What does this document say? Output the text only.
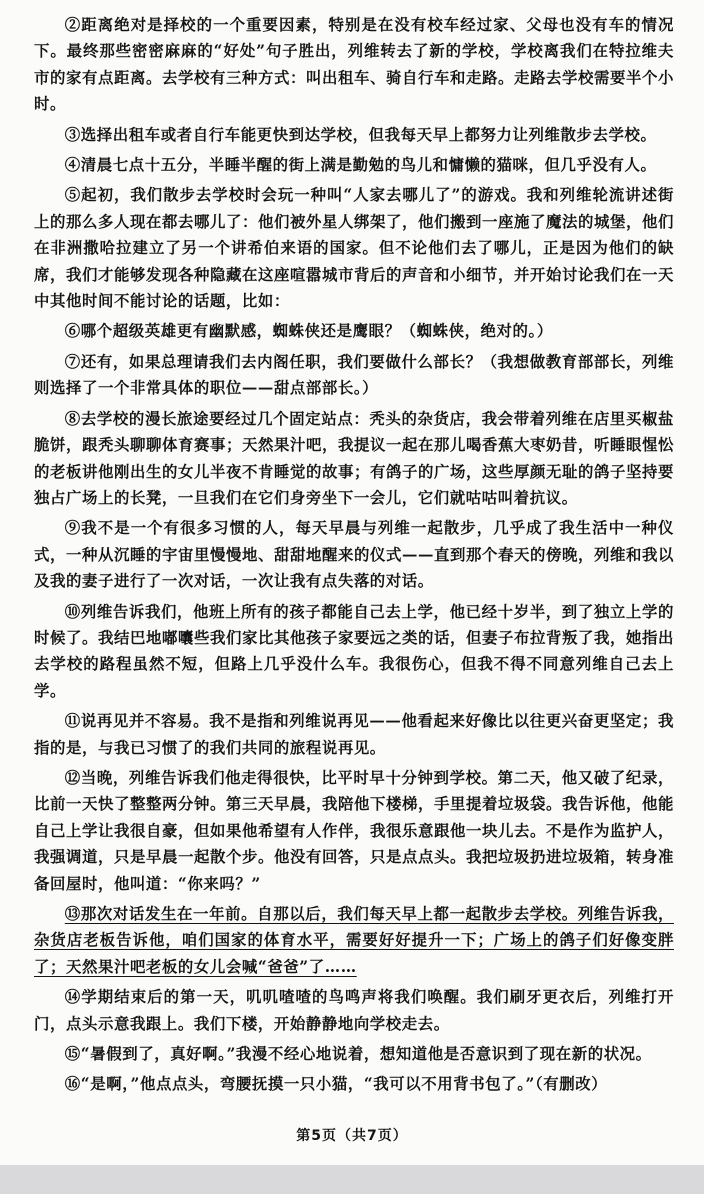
②距离绝对是择校的一个重要因素，特别是在没有校车经过家、父母也没有车的情况下。最终那些密密麻麻的“好处”句子胜出，列维转去了新的学校，学校离我们在特拉维夫市的家有点距离。去学校有三种方式：叫出租车、骑自行车和走路。走路去学校需要半个小时。

③选择出租车或者自行车能更快到达学校，但我每天早上都努力让列维散步去学校。

④清晨七点十五分，半睡半醒的街上满是勤勉的鸟儿和慵懒的猫咪，但几乎没有人。

⑤起初，我们散步去学校时会玩一种叫“人家去哪儿了”的游戏。我和列维轮流讲述街上的那么多人现在都去哪儿了：他们被外星人绑架了，他们搬到一座施了魔法的城堡，他们在非洲撒哈拉建立了另一个讲希伯来语的国家。但不论他们去了哪儿，正是因为他们的缺席，我们才能够发现各种隐藏在这座喧嚣城市背后的声音和小细节，并开始讨论我们在一天中其他时间不能讨论的话题，比如：

⑥哪个超级英雄更有幽默感，蜘蛛侠还是鹰眼？（蜘蛛侠，绝对的。）

⑦还有，如果总理请我们去内阁任职，我们要做什么部长？（我想做教育部部长，列维则选择了一个非常具体的职位——甜点部部长。）

⑧去学校的漫长旅途要经过几个固定站点：秃头的杂货店，我会带着列维在店里买椒盐脆饼，跟秃头聊聊体育赛事；天然果汁吧，我提议一起在那儿喝香蕉大枣奶昔，听睡眼惺忪的老板讲他刚出生的女儿半夜不肯睡觉的故事；有鸽子的广场，这些厚颜无耻的鸽子坚持要独占广场上的长凳，一旦我们在它们身旁坐下一会儿，它们就咕咕叫着抗议。

⑨我不是一个有很多习惯的人，每天早晨与列维一起散步，几乎成了我生活中一种仪式，一种从沉睡的宇宙里慢慢地、甜甜地醒来的仪式——直到那个春天的傍晚，列维和我以及我的妻子进行了一次对话，一次让我有点失落的对话。

⑩列维告诉我们，他班上所有的孩子都能自己去上学，他已经十岁半，到了独立上学的时候了。我结巴地嘟囔些我们家比其他孩子家要远之类的话，但妻子布拉背叛了我，她指出去学校的路程虽然不短，但路上几乎没什么车。我很伤心，但我不得不同意列维自己去上学。

⑪说再见并不容易。我不是指和列维说再见——他看起来好像比以往更兴奋更坚定；我指的是，与我已习惯了的我们共同的旅程说再见。

⑫当晚，列维告诉我们他走得很快，比平时早十分钟到学校。第二天，他又破了纪录，比前一天快了整整两分钟。第三天早晨，我陪他下楼梯，手里提着垃圾袋。我告诉他，他能自己上学让我很自豪，但如果他希望有人作伴，我很乐意跟他一块儿去。不是作为监护人，我强调道，只是早晨一起散个步。他没有回答，只是点点头。我把垃圾扔进垃圾箱，转身准备回屋时，他叫道：“你来吗？”

⑬那次对话发生在一年前。自那以后，我们每天早上都一起散步去学校。列维告诉我，杂货店老板告诉他，咱们国家的体育水平，需要好好提升一下；广场上的鸽子们好像变胖了；天然果汁吧老板的女儿会喊“爸爸”了……

⑭学期结束后的第一天，叽叽喳喳的鸟鸣声将我们唤醒。我们刷牙更衣后，列维打开门，点头示意我跟上。我们下楼，开始静静地向学校走去。

⑮“暑假到了，真好啊。”我漫不经心地说着，想知道他是否意识到了现在新的状况。

⑯“是啊，”他点点头，弯腰抚摸一只小猫，“我可以不用背书包了。”（有删改）

第5页（共7页）
